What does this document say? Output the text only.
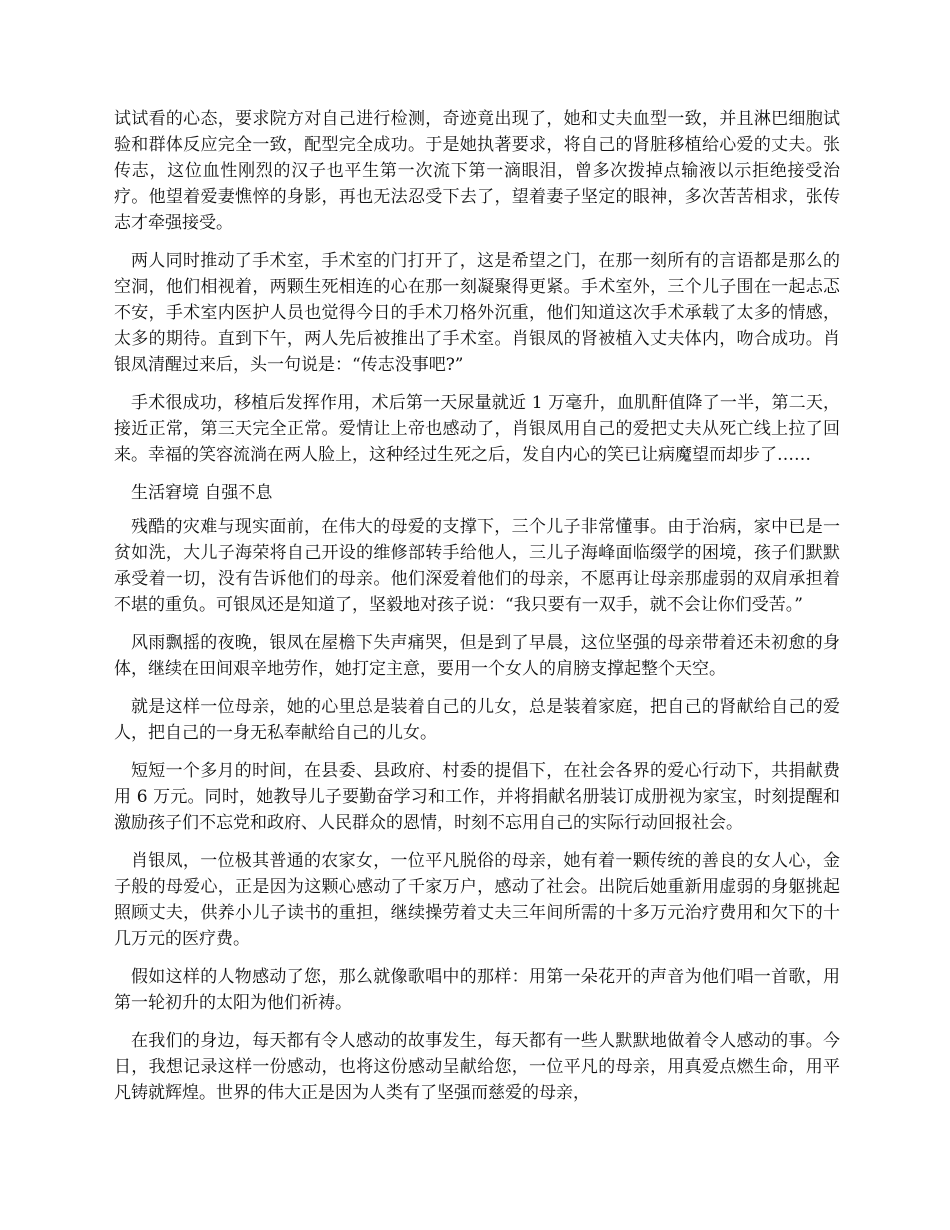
试试看的心态，要求院方对自己进行检测，奇迹竟出现了，她和丈夫血型一致，并且淋巴细胞试验和群体反应完全一致，配型完全成功。于是她执著要求，将自己的肾脏移植给心爱的丈夫。张传志，这位血性刚烈的汉子也平生第一次流下第一滴眼泪，曾多次拨掉点输液以示拒绝接受治疗。他望着爱妻憔悴的身影，再也无法忍受下去了，望着妻子坚定的眼神，多次苦苦相求，张传志才牵强接受。

两人同时推动了手术室，手术室的门打开了，这是希望之门，在那一刻所有的言语都是那么的空洞，他们相视着，两颗生死相连的心在那一刻凝聚得更紧。手术室外，三个儿子围在一起忐忑不安，手术室内医护人员也觉得今日的手术刀格外沉重，他们知道这次手术承载了太多的情感，太多的期待。直到下午，两人先后被推出了手术室。肖银凤的肾被植入丈夫体内，吻合成功。肖银凤清醒过来后，头一句说是：“传志没事吧?”

手术很成功，移植后发挥作用，术后第一天尿量就近 1 万毫升，血肌酐值降了一半，第二天，接近正常，第三天完全正常。爱情让上帝也感动了，肖银凤用自己的爱把丈夫从死亡线上拉了回来。幸福的笑容流淌在两人脸上，这种经过生死之后，发自内心的笑已让病魔望而却步了……

生活窘境 自强不息

残酷的灾难与现实面前，在伟大的母爱的支撑下，三个儿子非常懂事。由于治病，家中已是一贫如洗，大儿子海荣将自己开设的维修部转手给他人，三儿子海峰面临缀学的困境，孩子们默默承受着一切，没有告诉他们的母亲。他们深爱着他们的母亲，不愿再让母亲那虚弱的双肩承担着不堪的重负。可银凤还是知道了，坚毅地对孩子说：“我只要有一双手，就不会让你们受苦。”

风雨飘摇的夜晚，银凤在屋檐下失声痛哭，但是到了早晨，这位坚强的母亲带着还未初愈的身体，继续在田间艰辛地劳作，她打定主意，要用一个女人的肩膀支撑起整个天空。

就是这样一位母亲，她的心里总是装着自己的儿女，总是装着家庭，把自己的肾献给自己的爱人，把自己的一身无私奉献给自己的儿女。

短短一个多月的时间，在县委、县政府、村委的提倡下，在社会各界的爱心行动下，共捐献费用 6 万元。同时，她教导儿子要勤奋学习和工作，并将捐献名册装订成册视为家宝，时刻提醒和激励孩子们不忘党和政府、人民群众的恩情，时刻不忘用自己的实际行动回报社会。

肖银凤，一位极其普通的农家女，一位平凡脱俗的母亲，她有着一颗传统的善良的女人心，金子般的母爱心，正是因为这颗心感动了千家万户，感动了社会。出院后她重新用虚弱的身躯挑起照顾丈夫，供养小儿子读书的重担，继续操劳着丈夫三年间所需的十多万元治疗费用和欠下的十几万元的医疗费。

假如这样的人物感动了您，那么就像歌唱中的那样：用第一朵花开的声音为他们唱一首歌，用第一轮初升的太阳为他们祈祷。

在我们的身边，每天都有令人感动的故事发生，每天都有一些人默默地做着令人感动的事。今日，我想记录这样一份感动，也将这份感动呈献给您，一位平凡的母亲，用真爱点燃生命，用平凡铸就辉煌。世界的伟大正是因为人类有了坚强而慈爱的母亲，
